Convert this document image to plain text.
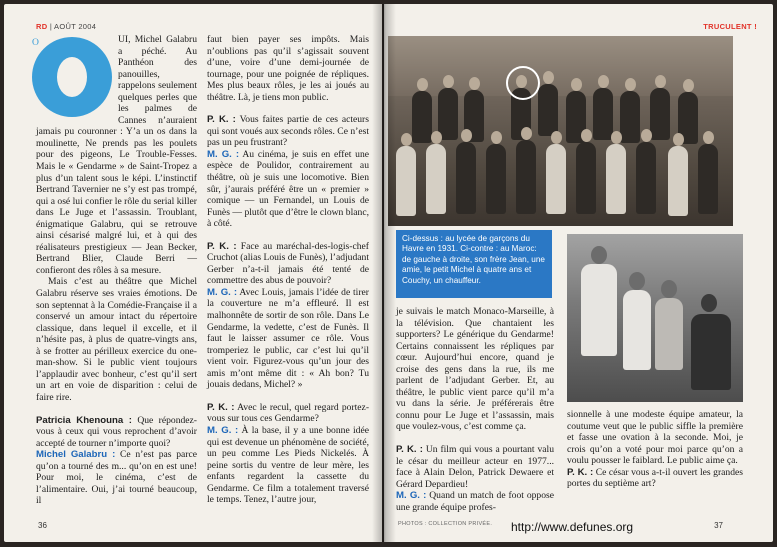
RD | AOÛT 2004
O	UI, Michel Galabru a péché. Au Panthéon des panouilles, rappelons seulement quelques perles que les palmes de Cannes n’auraient jamais pu couronner : Y’a un os dans la moulinette, Ne prends pas les poulets pour des pigeons, Le Trouble-Fesses. Mais le « Gendarme » de Saint-Tropez a plus d’un talent sous le képi. L’instinctif Bertrand Tavernier ne s’y est pas trompé, qui a osé lui confier le rôle du serial killer dans Le Juge et l’assassin. Troublant, énigmatique Galabru, qui se retrouve ainsi césarisé malgré lui, et à qui des réalisateurs prestigieux — Jean Becker, Bertrand Blier, Claude Berri — confieront des rôles à sa mesure.

Mais c’est au théâtre que Michel Galabru réserve ses vraies émotions. De son septennat à la Comédie-Française il a conservé un amour intact du répertoire classique, dans lequel il excelle, et il n’hésite pas, à plus de quatre-vingts ans, à se frotter au périlleux exercice du one-man-show. Si le public vient toujours l’applaudir avec bonheur, c’est qu’il sert un art en voie de disparition : celui de faire rire.

Patricia Khenouna : Que répondez-vous à ceux qui vous reprochent d’avoir accepté de tourner n’importe quoi?

Michel Galabru : Ce n’est pas parce qu’on a tourné des m... qu’on en est une! Pour moi, le cinéma, c’est de l’alimentaire. Oui, j’ai tourné beaucoup, il

faut bien payer ses impôts. Mais n’oublions pas qu’il s’agissait souvent d’une, voire d’une demi-journée de tournage, pour une poignée de répliques. Mes plus beaux rôles, je les ai joués au théâtre. Là, je tiens mon public.

P. K. : Vous faites partie de ces acteurs qui sont voués aux seconds rôles. Ce n’est pas un peu frustrant?

M. G. : Au cinéma, je suis en effet une espèce de Poulidor, contrairement au théâtre, où je suis une locomotive. Bien sûr, j’aurais préféré être un « premier » comique — un Fernandel, un Louis de Funès — plutôt que d’être le clown blanc, à côté.

P. K. : Face au maréchal-des-logis-chef Cruchot (alias Louis de Funès), l’adjudant Gerber n’a-t-il jamais été tenté de commettre des abus de pouvoir?

M. G. : Avec Louis, jamais l’idée de tirer la couverture ne m’a effleuré. Il est malhonnête de sortir de son rôle. Dans Le Gendarme, la vedette, c’est de Funès. Il faut le laisser assumer ce rôle. Vous tromperiez le public, car c’est lui qu’il vient voir. Figurez-vous qu’un jour des amis m’ont même dit : « Ah bon? Tu jouais dedans, Michel? »

P. K. : Avec le recul, quel regard portez-vous sur tous ces Gendarme?

M. G. : À la base, il y a une bonne idée qui est devenue un phénomène de société, un peu comme Les Pieds Nickelés. À peine sortis du ventre de leur mère, les enfants regardent la cassette du Gendarme. Ce film a totalement traversé le temps. Tenez, l’autre jour,

36
TRUCULENT !
Ci-dessus : au lycée de garçons du Havre en 1931. Ci-contre : au Maroc: de gauche à droite, son frère Jean, une amie, le petit Michel à quatre ans et Couchy, un chauffeur.

je suivais le match Monaco-Marseille, à la télévision. Que chantaient les supporters? Le générique du Gendarme! Certains connaissent les répliques par cœur. Aujourd’hui encore, quand je croise des gens dans la rue, ils me parlent de l’adjudant Gerber. Et, au théâtre, le public vient parce qu’il m’a vu dans la série. Je préférerais être connu pour Le Juge et l’assassin, mais que voulez-vous, c’est comme ça.

P. K. : Un film qui vous a pourtant valu le césar du meilleur acteur en 1977... face à Alain Delon, Patrick Dewaere et Gérard Depardieu!

M. G. : Quand un match de foot oppose une grande équipe profes-

sionnelle à une modeste équipe amateur, la coutume veut que le public siffle la première et fasse une ovation à la seconde. Moi, je crois qu’on a voté pour moi parce qu’on a voulu pousser le faiblard. Le public aime ça.

P. K. : Ce césar vous a-t-il ouvert les grandes portes du septième art?

PHOTOS : COLLECTION PRIVÉE. http://www.defunes.org	37
